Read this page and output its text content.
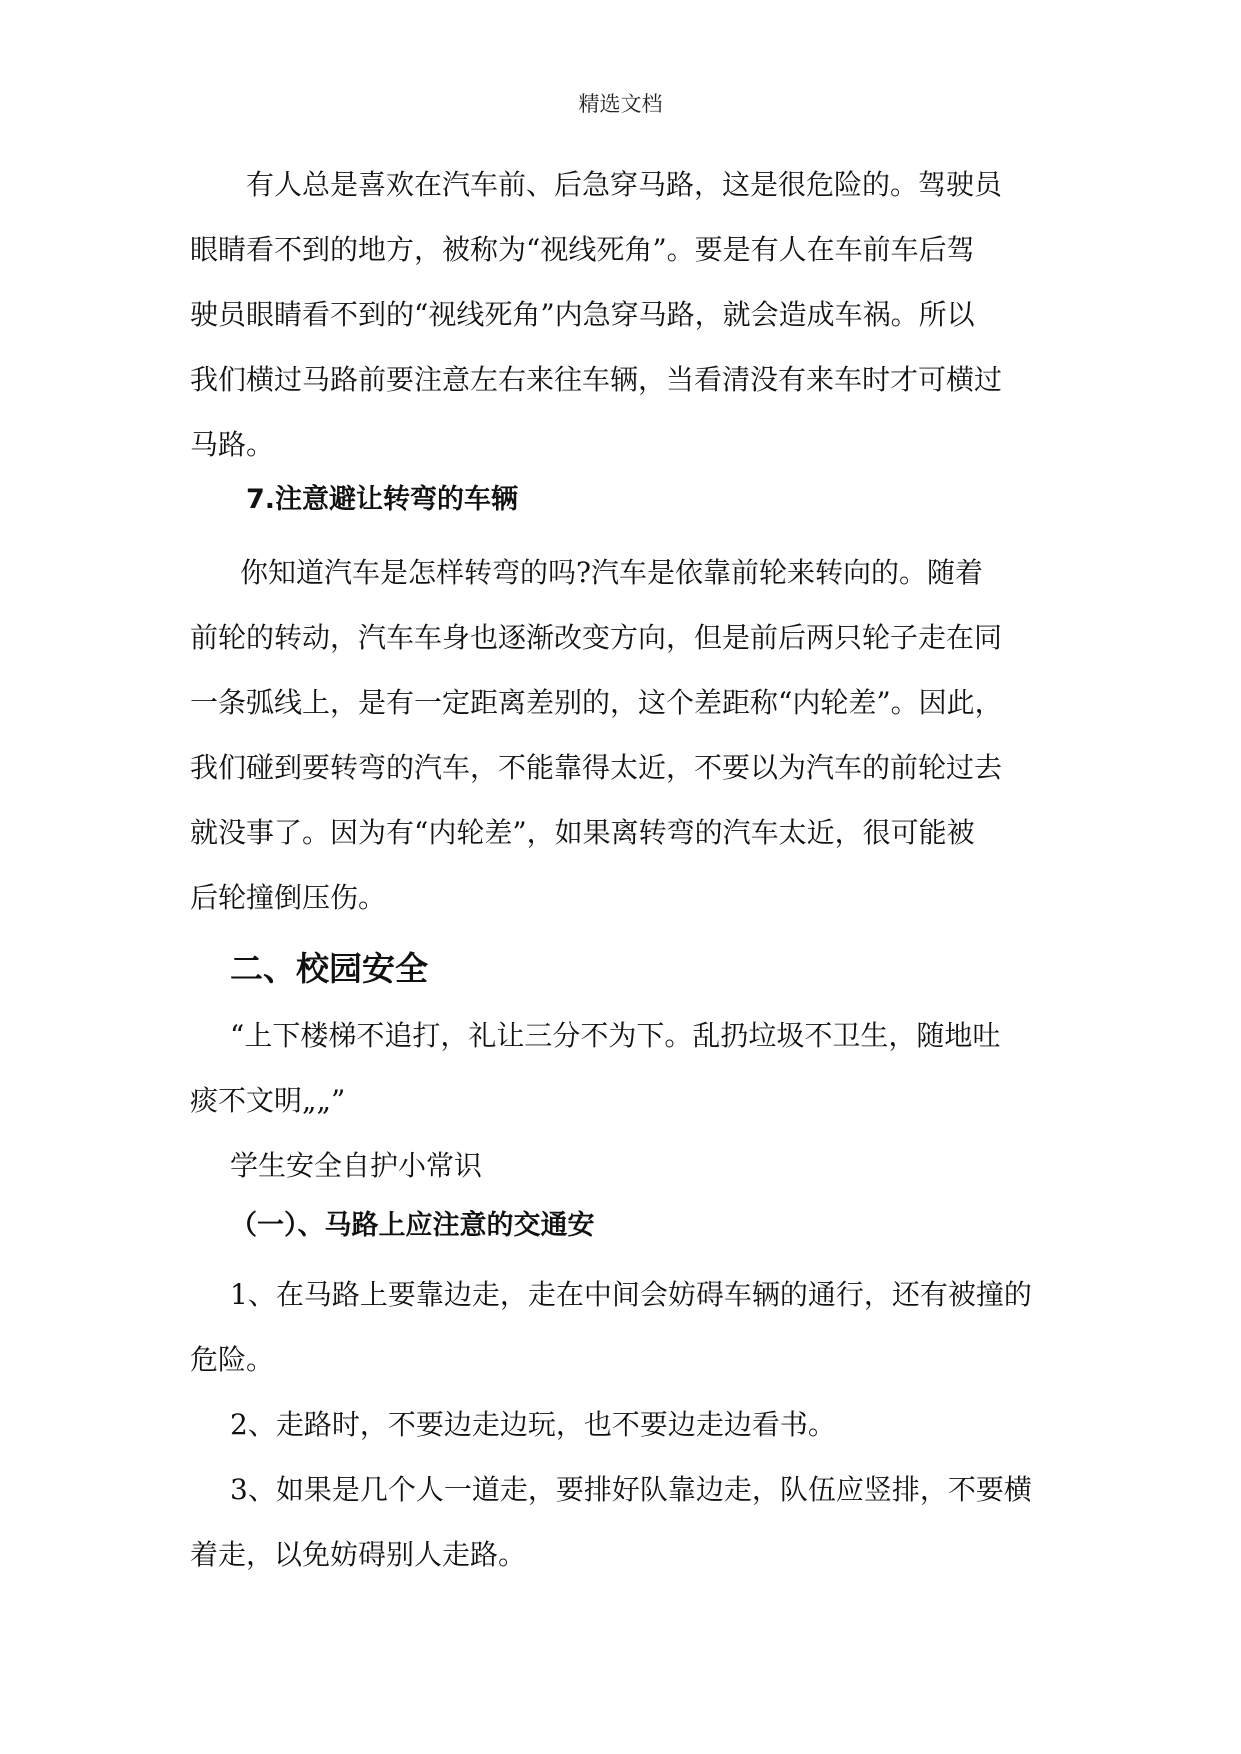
精选文档

有人总是喜欢在汽车前、后急穿马路，这是很危险的。驾驶员

眼睛看不到的地方，被称为“视线死角”。要是有人在车前车后驾

驶员眼睛看不到的“视线死角”内急穿马路，就会造成车祸。所以

我们横过马路前要注意左右来往车辆，当看清没有来车时才可横过

马路。

7.注意避让转弯的车辆

你知道汽车是怎样转弯的吗?汽车是依靠前轮来转向的。随着

前轮的转动，汽车车身也逐渐改变方向，但是前后两只轮子走在同

一条弧线上，是有一定距离差别的，这个差距称“内轮差”。因此，

我们碰到要转弯的汽车，不能靠得太近，不要以为汽车的前轮过去

就没事了。因为有“内轮差”，如果离转弯的汽车太近，很可能被

后轮撞倒压伤。

二、校园安全

“上下楼梯不追打，礼让三分不为下。乱扔垃圾不卫生，随地吐

痰不文明„„”

学生安全自护小常识

（一）、马路上应注意的交通安

1、在马路上要靠边走，走在中间会妨碍车辆的通行，还有被撞的

危险。

2、走路时，不要边走边玩，也不要边走边看书。

3、如果是几个人一道走，要排好队靠边走，队伍应竖排，不要横

着走，以免妨碍别人走路。
